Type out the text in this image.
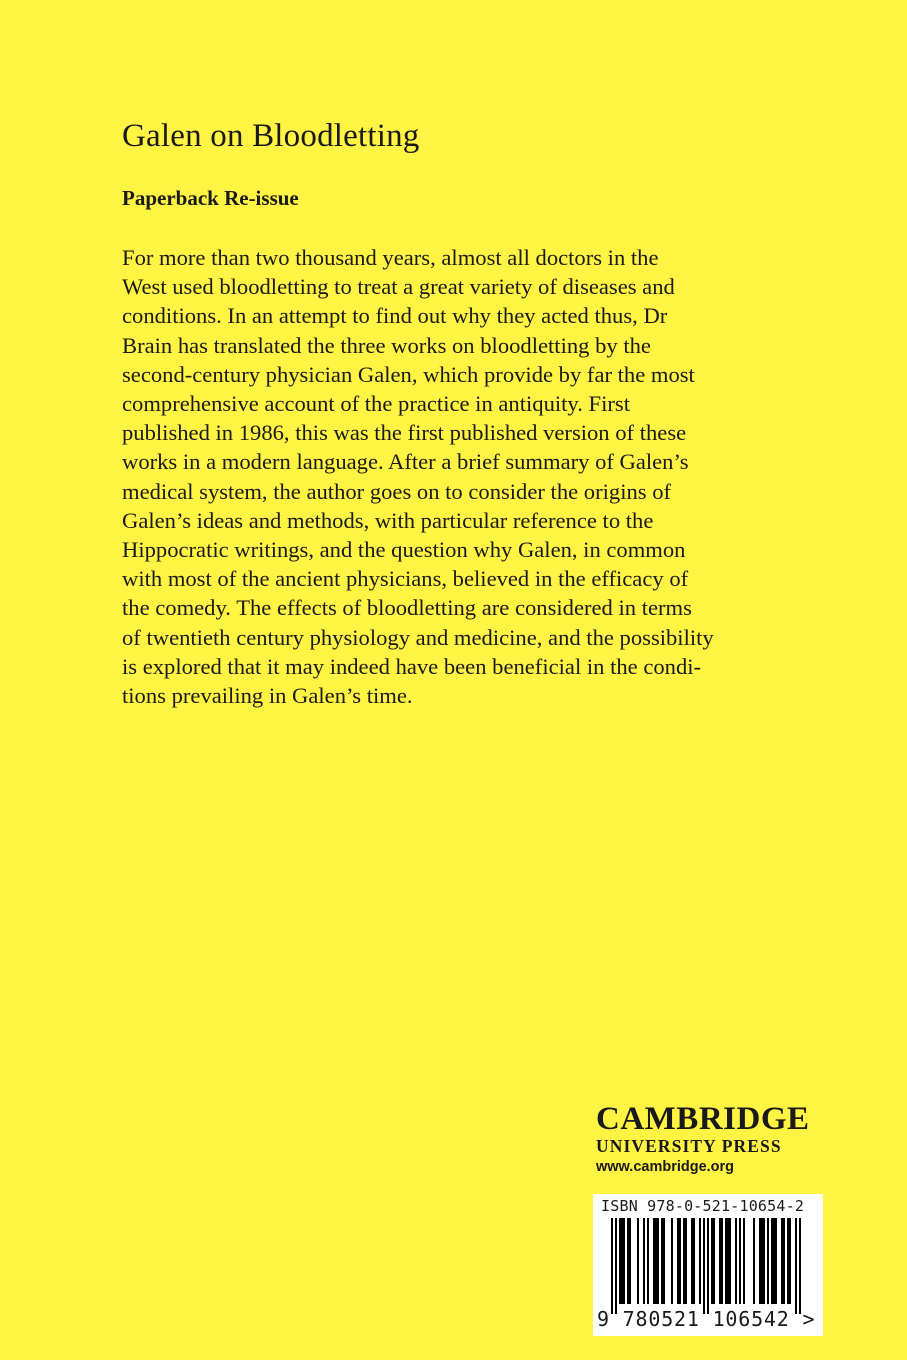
Galen on Bloodletting
Paperback Re-issue

For more than two thousand years, almost all doctors in the
West used bloodletting to treat a great variety of diseases and
conditions. In an attempt to find out why they acted thus, Dr
Brain has translated the three works on bloodletting by the
second-century physician Galen, which provide by far the most
comprehensive account of the practice in antiquity. First
published in 1986, this was the first published version of these
works in a modern language. After a brief summary of Galen’s
medical system, the author goes on to consider the origins of
Galen’s ideas and methods, with particular reference to the
Hippocratic writings, and the question why Galen, in common
with most of the ancient physicians, believed in the efficacy of
the comedy. The effects of bloodletting are considered in terms
of twentieth century physiology and medicine, and the possibility
is explored that it may indeed have been beneficial in the condi-
tions prevailing in Galen’s time.

CAMBRIDGE
UNIVERSITY PRESS
www.cambridge.org
ISBN 978-0-521-10654-2
9 780521 106542 >
